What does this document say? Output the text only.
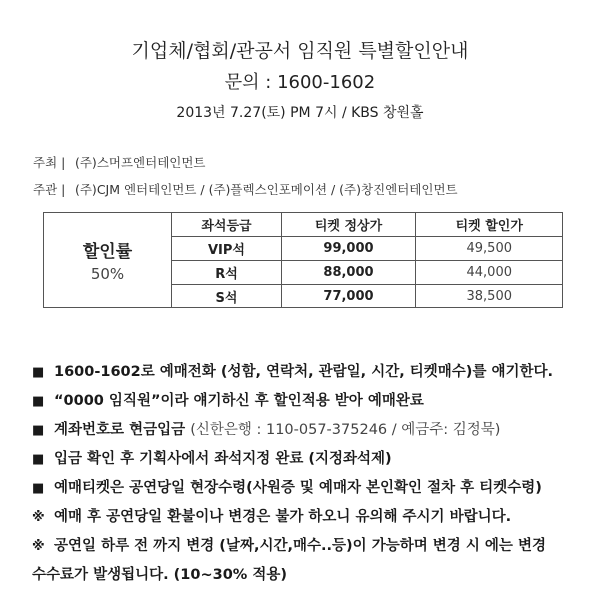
기업체/협회/관공서 임직원 특별할인안내
문의 : 1600-1602
2013년 7.27(토) PM 7시 / KBS 창원홀
주최 | (주)스머프엔터테인먼트
주관 | (주)CJM 엔터테인먼트 / (주)플렉스인포메이션 / (주)창진엔터테인먼트
할인률
50%
좌석등급	티켓 정상가	티켓 할인가
VIP석	99,000	49,500
R석	88,000	44,000
S석	77,000	38,500
■ 1600-1602로 예매전화 (성함, 연락처, 관람일, 시간, 티켓매수)를 얘기한다.
■ “0000 임직원”이라 얘기하신 후 할인적용 받아 예매완료
■ 계좌번호로 현금입금 (신한은행 : 110-057-375246 / 예금주: 김정묵)
■ 입금 확인 후 기획사에서 좌석지정 완료 (지정좌석제)
■ 예매티켓은 공연당일 현장수령(사원증 및 예매자 본인확인 절차 후 티켓수령)
※ 예매 후 공연당일 환불이나 변경은 불가 하오니 유의해 주시기 바랍니다.
※ 공연일 하루 전 까지 변경 (날짜,시간,매수..등)이 가능하며 변경 시 에는 변경
수수료가 발생됩니다. (10~30% 적용)
